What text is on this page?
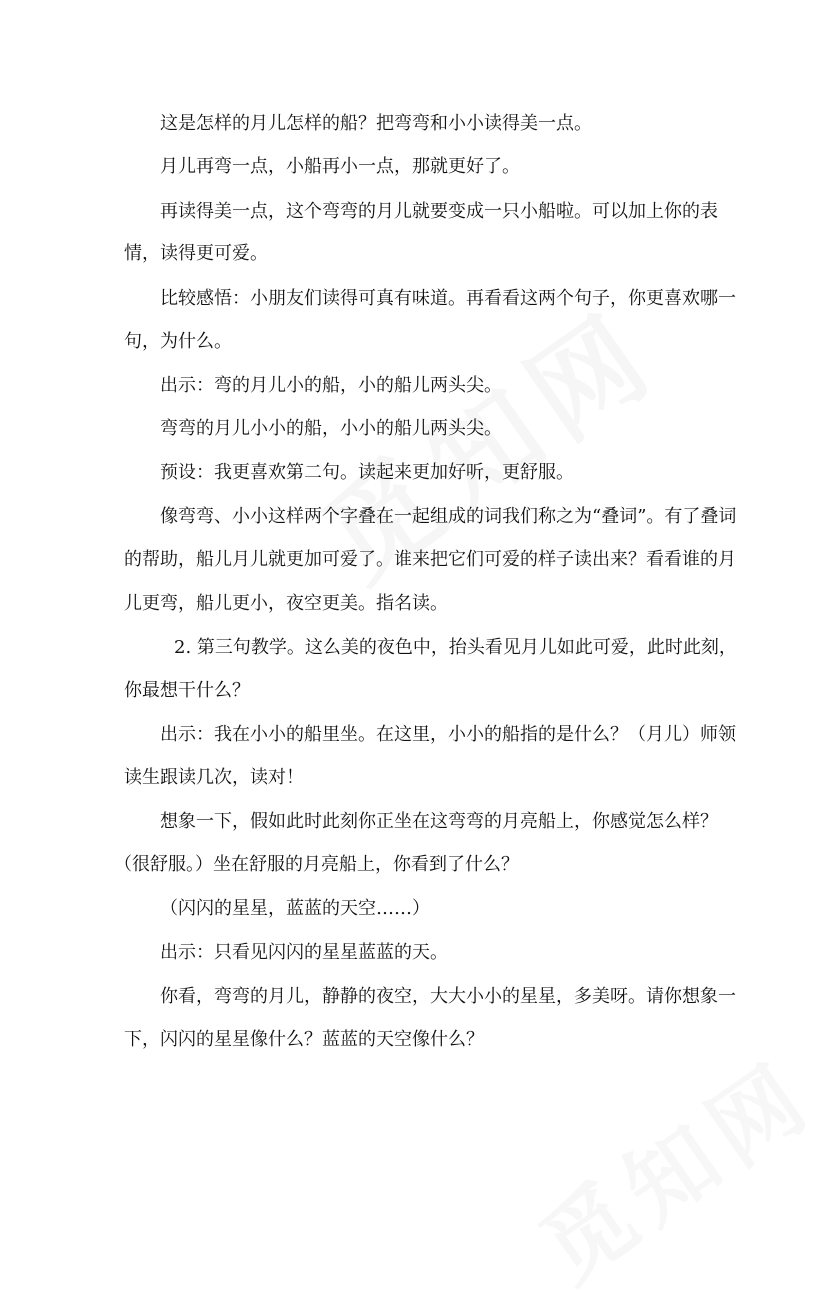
这是怎样的月儿怎样的船？把弯弯和小小读得美一点。
月儿再弯一点，小船再小一点，那就更好了。
再读得美一点，这个弯弯的月儿就要变成一只小船啦。可以加上你的表
情，读得更可爱。
比较感悟：小朋友们读得可真有味道。再看看这两个句子，你更喜欢哪一
句，为什么。
出示：弯的月儿小的船，小的船儿两头尖。
弯弯的月儿小小的船，小小的船儿两头尖。
预设：我更喜欢第二句。读起来更加好听，更舒服。
像弯弯、小小这样两个字叠在一起组成的词我们称之为“叠词”。有了叠词
的帮助，船儿月儿就更加可爱了。谁来把它们可爱的样子读出来？看看谁的月
儿更弯，船儿更小，夜空更美。指名读。
2. 第三句教学。这么美的夜色中，抬头看见月儿如此可爱，此时此刻，
你最想干什么？
出示：我在小小的船里坐。在这里，小小的船指的是什么？（月儿）师领
读生跟读几次，读对！
想象一下，假如此时此刻你正坐在这弯弯的月亮船上，你感觉怎么样？
（很舒服。）坐在舒服的月亮船上，你看到了什么？
（闪闪的星星，蓝蓝的天空……）
出示：只看见闪闪的星星蓝蓝的天。
你看，弯弯的月儿，静静的夜空，大大小小的星星，多美呀。请你想象一
下，闪闪的星星像什么？蓝蓝的天空像什么？
